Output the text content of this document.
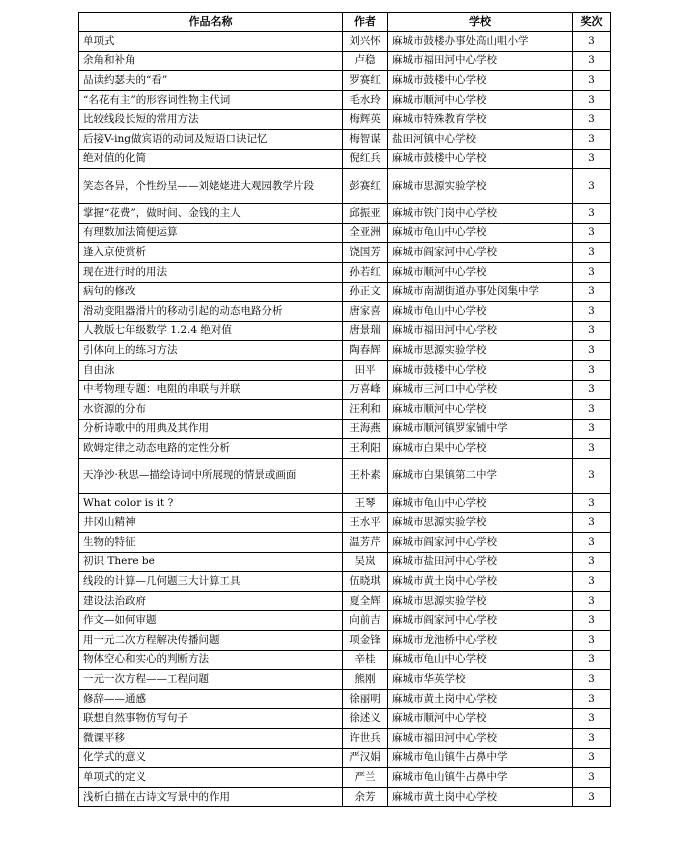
作品名称	作者	学校	奖次
单项式	刘兴怀	麻城市鼓楼办事处高山咀小学	3
余角和补角	卢稳	麻城市福田河中心学校	3
品读约瑟夫的“看”	罗赛红	麻城市鼓楼中心学校	3
“名花有主”的形容词性物主代词	毛水玲	麻城市顺河中心学校	3
比较线段长短的常用方法	梅辉英	麻城市特殊教育学校	3
后接V-ing做宾语的动词及短语口诀记忆	梅智谋	盐田河镇中心学校	3
绝对值的化简	倪红兵	麻城市鼓楼中心学校	3
笑态各异，个性纷呈——刘姥姥进大观园教学片段	彭赛红	麻城市思源实验学校	3
掌握“花费”，做时间、金钱的主人	邱振亚	麻城市铁门岗中心学校	3
有理数加法简便运算	全亚洲	麻城市龟山中心学校	3
逢入京使赏析	饶国芳	麻城市阎家河中心学校	3
现在进行时的用法	孙若红	麻城市顺河中心学校	3
病句的修改	孙正文	麻城市南湖街道办事处闵集中学	3
滑动变阻器滑片的移动引起的动态电路分析	唐家喜	麻城市龟山中心学校	3
人教版七年级数学 1.2.4 绝对值	唐景瑞	麻城市福田河中心学校	3
引体向上的练习方法	陶春辉	麻城市思源实验学校	3
自由泳	田平	麻城市鼓楼中心学校	3
中考物理专题：电阻的串联与并联	万喜峰	麻城市三河口中心学校	3
水资源的分布	汪利和	麻城市顺河中心学校	3
分析诗歌中的用典及其作用	王海燕	麻城市顺河镇罗家铺中学	3
欧姆定律之动态电路的定性分析	王利阳	麻城市白果中心学校	3
天净沙·秋思—描绘诗词中所展现的情景或画面	王朴素	麻城市白果镇第二中学	3
What color is it ?	王琴	麻城市龟山中心学校	3
井冈山精神	王水平	麻城市思源实验学校	3
生物的特征	温芳芹	麻城市阎家河中心学校	3
初识 There be	吴岚	麻城市盐田河中心学校	3
线段的计算—几何题三大计算工具	伍晓琪	麻城市黄土岗中心学校	3
建设法治政府	夏全辉	麻城市思源实验学校	3
作文—如何审题	向前吉	麻城市阎家河中心学校	3
用一元二次方程解决传播问题	项金锋	麻城市龙池桥中心学校	3
物体空心和实心的判断方法	辛桂	麻城市龟山中心学校	3
一元一次方程——工程问题	熊刚	麻城市华英学校	3
修辞——通感	徐丽明	麻城市黄土岗中心学校	3
联想自然事物仿写句子	徐述义	麻城市顺河中心学校	3
微课平移	许世兵	麻城市福田河中心学校	3
化学式的意义	严汉娟	麻城市龟山镇牛占鼻中学	3
单项式的定义	严兰	麻城市龟山镇牛占鼻中学	3
浅析白描在古诗文写景中的作用	余芳	麻城市黄土岗中心学校	3
